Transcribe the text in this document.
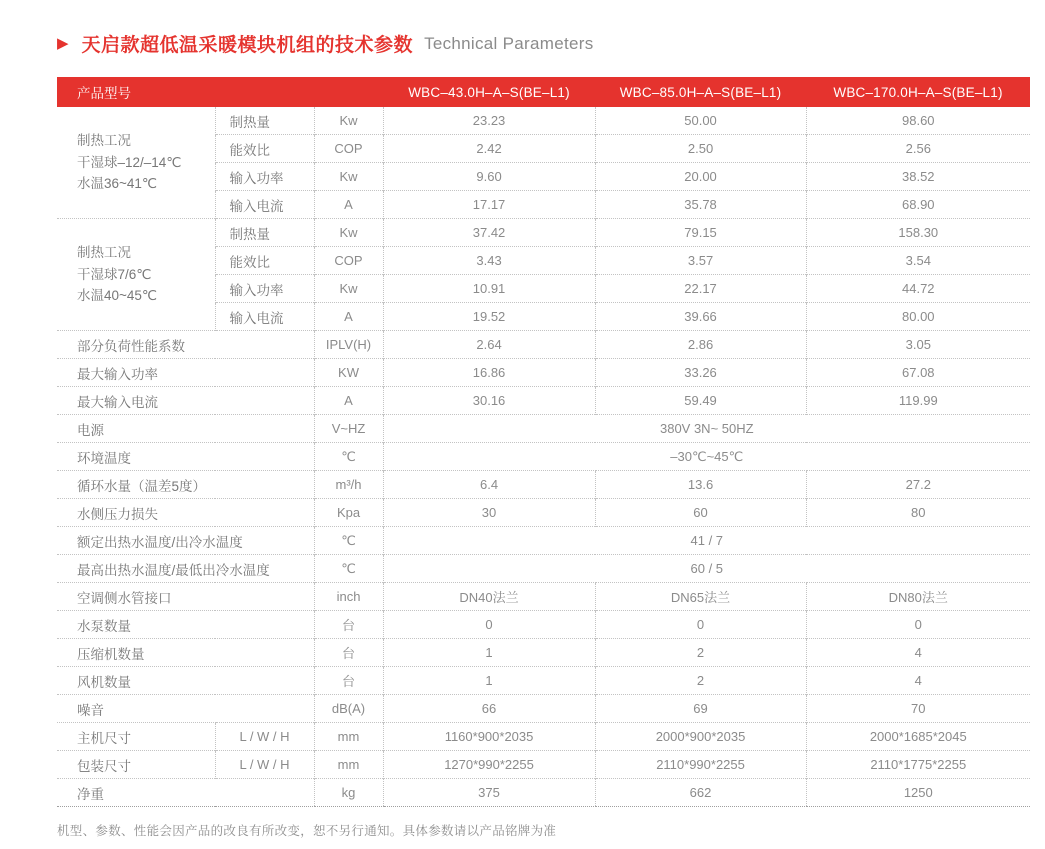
▶ 天启款超低温采暖模块机组的技术参数 Technical Parameters
产品型号			WBC–43.0H–A–S(BE–L1)	WBC–85.0H–A–S(BE–L1)	WBC–170.0H–A–S(BE–L1)

制热工况
干湿球–12/–14℃
水温36~41℃	制热量	Kw	23.23	50.00	98.60
	能效比	COP	2.42	2.50	2.56
	输入功率	Kw	9.60	20.00	38.52
	输入电流	A	17.17	35.78	68.90

制热工况
干湿球7/6℃
水温40~45℃	制热量	Kw	37.42	79.15	158.30
	能效比	COP	3.43	3.57	3.54
	输入功率	Kw	10.91	22.17	44.72
	输入电流	A	19.52	39.66	80.00
部分负荷性能系数		IPLV(H)	2.64	2.86	3.05
最大输入功率		KW	16.86	33.26	67.08
最大输入电流		A	30.16	59.49	119.99
电源		V~HZ	380V 3N~ 50HZ		
环境温度		℃	–30℃~45℃		
循环水量（温差5度）		m³/h	6.4	13.6	27.2
水侧压力损失		Kpa	30	60	80
额定出热水温度/出冷水温度		℃	41 / 7		
最高出热水温度/最低出冷水温度		℃	60 / 5		
空调侧水管接口		inch	DN40法兰	DN65法兰	DN80法兰
水泵数量		台	0	0	0
压缩机数量		台	1	2	4
风机数量		台	1	2	4
噪音		dB(A)	66	69	70
主机尺寸	L / W / H	mm	1160*900*2035	2000*900*2035	2000*1685*2045
包装尺寸	L / W / H	mm	1270*990*2255	2110*990*2255	2110*1775*2255
净重		kg	375	662	1250

机型、参数、性能会因产品的改良有所改变，恕不另行通知。具体参数请以产品铭牌为准
